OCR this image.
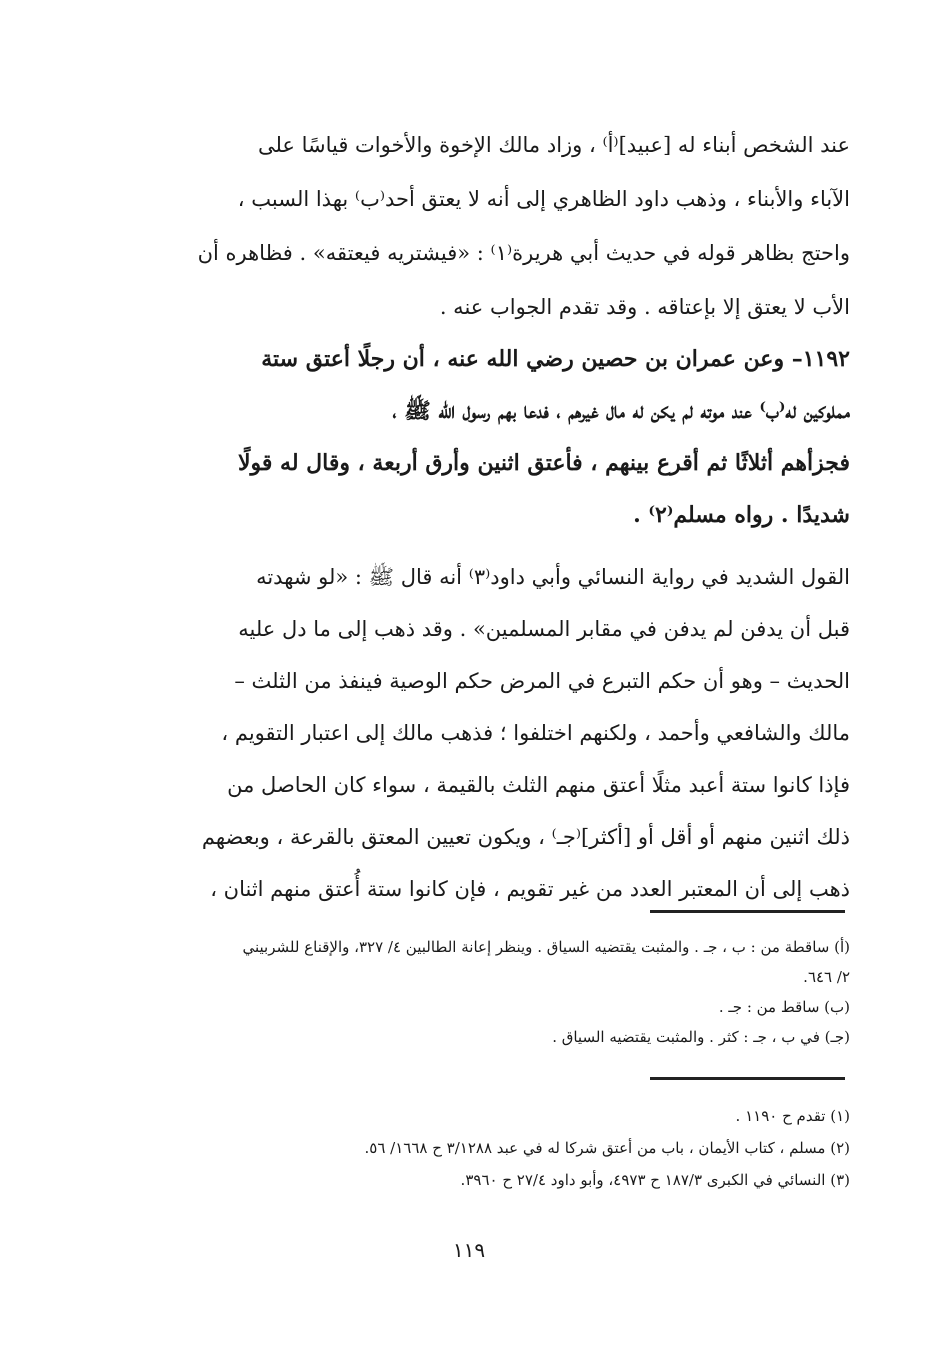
عند الشخص أبناء له [عبيد]⁽أ⁾ ، وزاد مالك الإخوة والأخوات قياسًا على
الآباء والأبناء ، وذهب داود الظاهري إلى أنه لا يعتق أحد⁽ب⁾ بهذا السبب ،
واحتج بظاهر قوله في حديث أبي هريرة⁽١⁾ : «فيشتريه فيعتقه» . فظاهره أن
الأب لا يعتق إلا بإعتاقه . وقد تقدم الجواب عنه .
١١٩٢– وعن عمران بن حصين رضي الله عنه ، أن رجلًا أعتق ستة
مملوكين له⁽ب⁾ عند موته لم يكن له مال غيرهم ، فدعا بهم رسول الله ﷺ ،
فجزأهم أثلاثًا ثم أقرع بينهم ، فأعتق اثنين وأرق أربعة ، وقال له قولًا
شديدًا . رواه مسلم⁽٢⁾ .
القول الشديد في رواية النسائي وأبي داود⁽٣⁾ أنه قال ﷺ : «لو شهدته
قبل أن يدفن لم يدفن في مقابر المسلمين» . وقد ذهب إلى ما دل عليه
الحديث – وهو أن حكم التبرع في المرض حكم الوصية فينفذ من الثلث –
مالك والشافعي وأحمد ، ولكنهم اختلفوا ؛ فذهب مالك إلى اعتبار التقويم ،
فإذا كانوا ستة أعبد مثلًا أعتق منهم الثلث بالقيمة ، سواء كان الحاصل من
ذلك اثنين منهم أو أقل أو [أكثر]⁽جـ⁾ ، ويكون تعيين المعتق بالقرعة ، وبعضهم
ذهب إلى أن المعتبر العدد من غير تقويم ، فإن كانوا ستة أُعتق منهم اثنان ،
(أ) ساقطة من : ب ، جـ . والمثبت يقتضيه السياق . وينظر إعانة الطالبين ٤/ ٣٢٧، والإقناع للشربيني
٢/ ٦٤٦.
(ب) ساقط من : جـ .
(جـ) في ب ، جـ : كثر . والمثبت يقتضيه السياق .
(١) تقدم ح ١١٩٠ .
(٢) مسلم ، كتاب الأيمان ، باب من أعتق شركا له في عبد ٣/١٢٨٨ ح ١٦٦٨/ ٥٦.
(٣) النسائي في الكبرى ١٨٧/٣ ح ٤٩٧٣، وأبو داود ٢٧/٤ ح ٣٩٦٠.
١١٩
